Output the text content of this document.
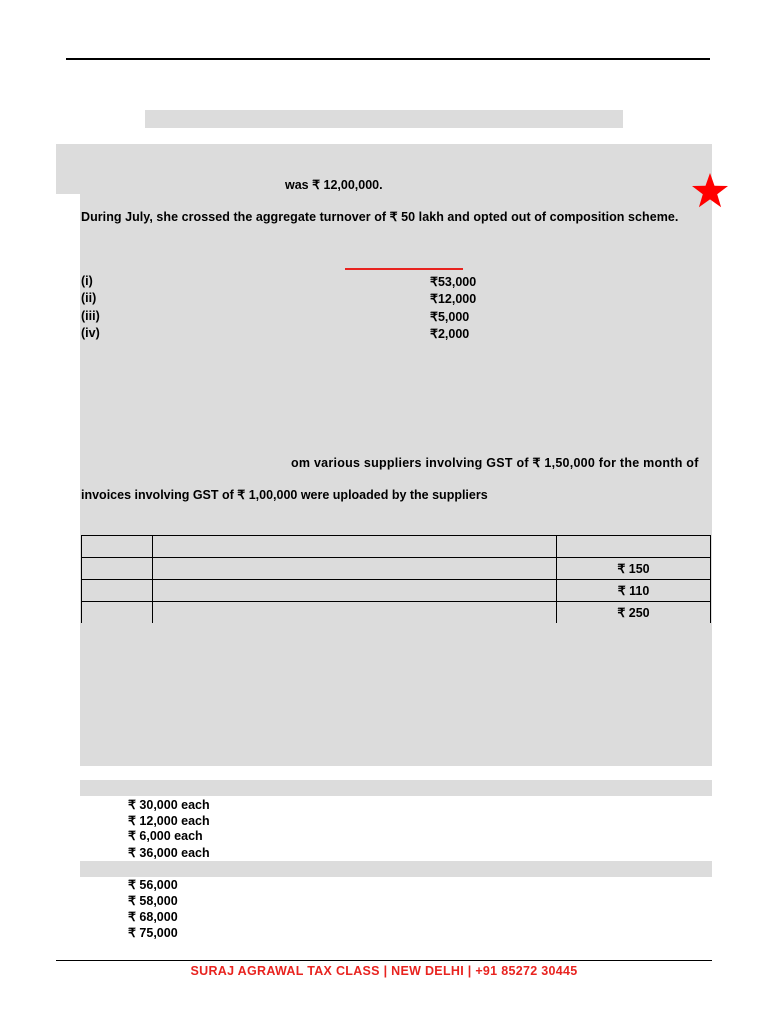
was ₹ 12,00,000.
During July, she crossed the aggregate turnover of ₹ 50 lakh and opted out of composition scheme.
(i)	₹53,000
(ii)	₹12,000
(iii)	₹5,000
(iv)	₹2,000
om various suppliers involving GST of ₹ 1,50,000 for the month of
invoices involving GST of ₹ 1,00,000 were uploaded by the suppliers

		₹ 150
		₹ 110
		₹ 250
₹ 30,000 each
₹ 12,000 each
₹ 6,000 each
₹ 36,000 each
₹ 56,000
₹ 58,000
₹ 68,000
₹ 75,000
SURAJ AGRAWAL TAX CLASS | NEW DELHI | +91 85272 30445
